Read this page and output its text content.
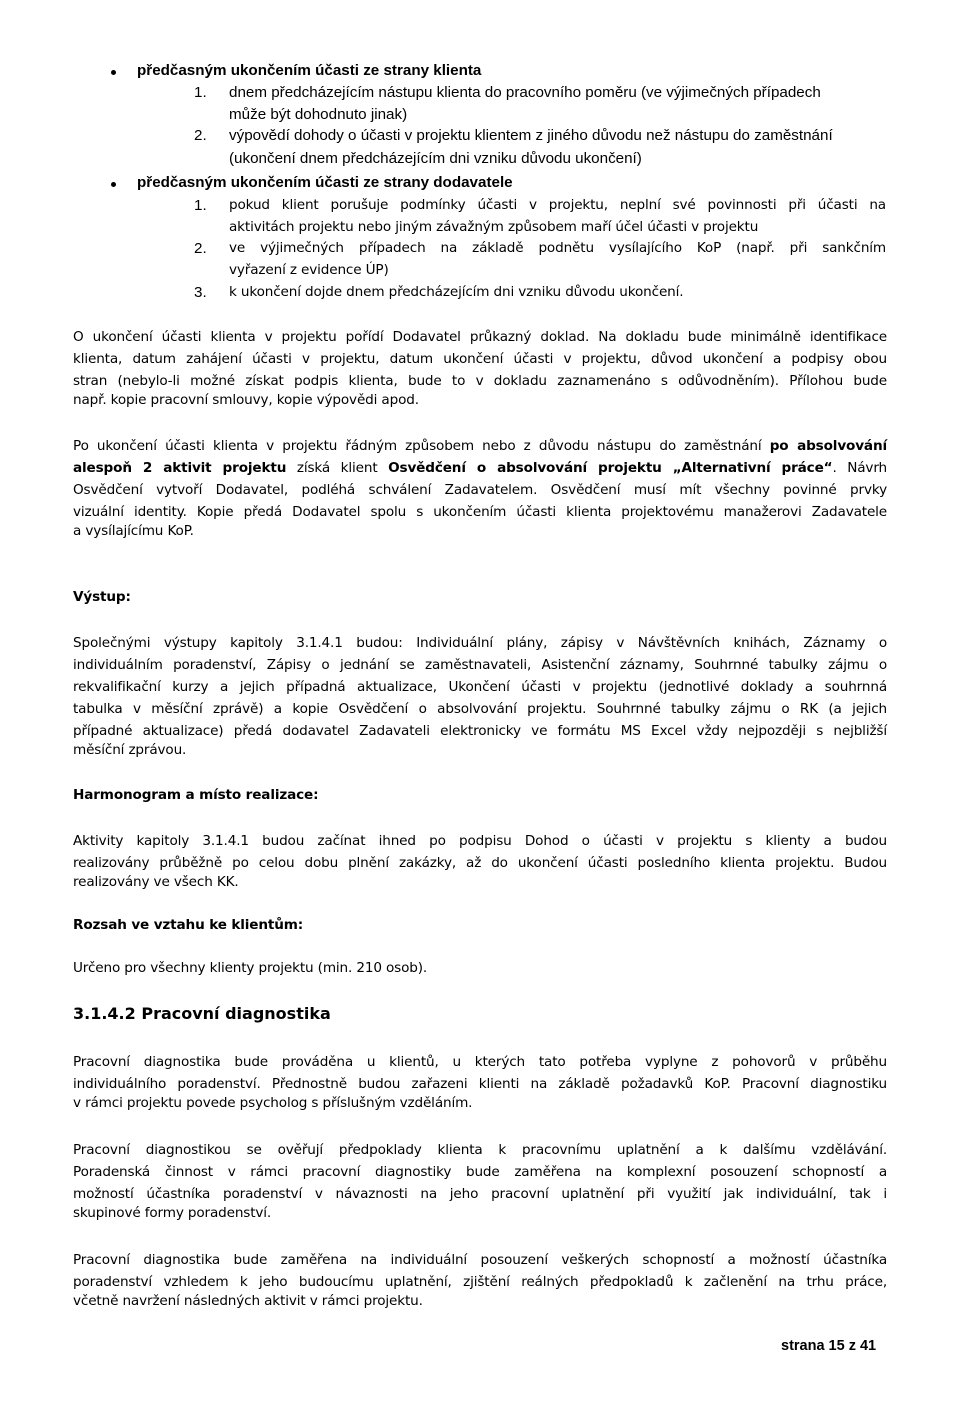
předčasným ukončením účasti ze strany klienta
1. dnem předcházejícím nástupu klienta do pracovního poměru (ve výjimečných případech
může být dohodnuto jinak)
2. výpovědí dohody o účasti v projektu klientem z jiného důvodu než nástupu do zaměstnání
(ukončení dnem předcházejícím dni vzniku důvodu ukončení)
předčasným ukončením účasti ze strany dodavatele
1. pokud klient porušuje podmínky účasti v projektu, neplní své povinnosti při účasti na
aktivitách projektu nebo jiným závažným způsobem maří účel účasti v projektu
2. ve výjimečných případech na základě podnětu vysílajícího KoP (např. při sankčním
vyřazení z evidence ÚP)
3. k ukončení dojde dnem předcházejícím dni vzniku důvodu ukončení.
O ukončení účasti klienta v projektu pořídí Dodavatel průkazný doklad. Na dokladu bude minimálně identifikace
klienta, datum zahájení účasti v projektu, datum ukončení účasti v projektu, důvod ukončení a podpisy obou
stran (nebylo-li možné získat podpis klienta, bude to v dokladu zaznamenáno s odůvodněním). Přílohou bude
např. kopie pracovní smlouvy, kopie výpovědi apod.
Po ukončení účasti klienta v projektu řádným způsobem nebo z důvodu nástupu do zaměstnání po absolvování
alespoň 2 aktivit projektu získá klient Osvědčení o absolvování projektu „Alternativní práce“. Návrh
Osvědčení vytvoří Dodavatel, podléhá schválení Zadavatelem. Osvědčení musí mít všechny povinné prvky
vizuální identity. Kopie předá Dodavatel spolu s ukončením účasti klienta projektovému manažerovi Zadavatele
a vysílajícímu KoP.
Výstup:
Společnými výstupy kapitoly 3.1.4.1 budou: Individuální plány, zápisy v Návštěvních knihách, Záznamy o
individuálním poradenství, Zápisy o jednání se zaměstnavateli, Asistenční záznamy, Souhrnné tabulky zájmu o
rekvalifikační kurzy a jejich případná aktualizace, Ukončení účasti v projektu (jednotlivé doklady a souhrnná
tabulka v měsíční zprávě) a kopie Osvědčení o absolvování projektu. Souhrnné tabulky zájmu o RK (a jejich
případné aktualizace) předá dodavatel Zadavateli elektronicky ve formátu MS Excel vždy nejpozději s nejbližší
měsíční zprávou.
Harmonogram a místo realizace:
Aktivity kapitoly 3.1.4.1 budou začínat ihned po podpisu Dohod o účasti v projektu s klienty a budou
realizovány průběžně po celou dobu plnění zakázky, až do ukončení účasti posledního klienta projektu. Budou
realizovány ve všech KK.
Rozsah ve vztahu ke klientům:
Určeno pro všechny klienty projektu (min. 210 osob).
3.1.4.2 Pracovní diagnostika
Pracovní diagnostika bude prováděna u klientů, u kterých tato potřeba vyplyne z pohovorů v průběhu
individuálního poradenství. Přednostně budou zařazeni klienti na základě požadavků KoP. Pracovní diagnostiku
v rámci projektu povede psycholog s příslušným vzděláním.
Pracovní diagnostikou se ověřují předpoklady klienta k pracovnímu uplatnění a k dalšímu vzdělávání.
Poradenská činnost v rámci pracovní diagnostiky bude zaměřena na komplexní posouzení schopností a
možností účastníka poradenství v návaznosti na jeho pracovní uplatnění při využití jak individuální, tak i
skupinové formy poradenství.
Pracovní diagnostika bude zaměřena na individuální posouzení veškerých schopností a možností účastníka
poradenství vzhledem k jeho budoucímu uplatnění, zjištění reálných předpokladů k začlenění na trhu práce,
včetně navržení následných aktivit v rámci projektu.
strana 15 z 41
